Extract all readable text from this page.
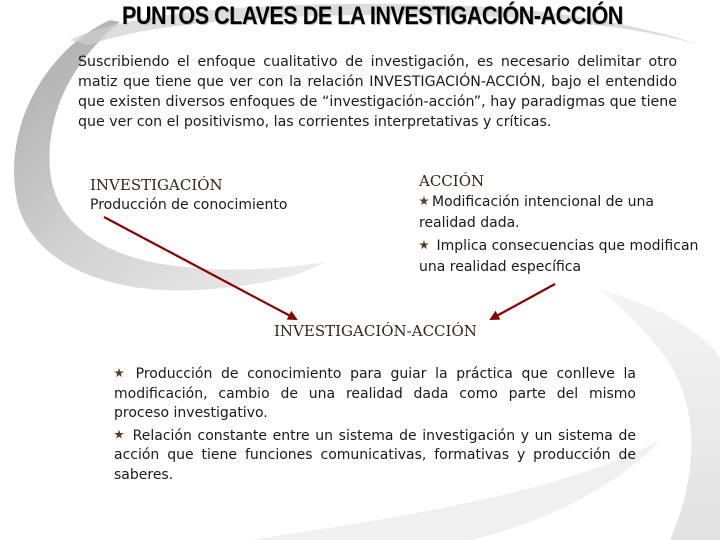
PUNTOS CLAVES DE LA INVESTIGACIÓN-ACCIÓN
Suscribiendo el enfoque cualitativo de investigación, es necesario delimitar otro matiz que tiene que ver con la relación INVESTIGACIÓN-ACCIÓN, bajo el entendido que existen diversos enfoques de “investigación-acción”, hay paradigmas que tiene que ver con el positivismo, las corrientes interpretativas y críticas.
INVESTIGACIÓN
Producción de conocimiento
ACCIÓN
Modificación intencional de una realidad dada.
Implica consecuencias que modifican una realidad específica
INVESTIGACIÓN-ACCIÓN

Producción de conocimiento para guiar la práctica que conlleve la modificación, cambio de una realidad dada como parte del mismo proceso investigativo.

Relación constante entre un sistema de investigación y un sistema de acción que tiene funciones comunicativas, formativas y producción de saberes.
